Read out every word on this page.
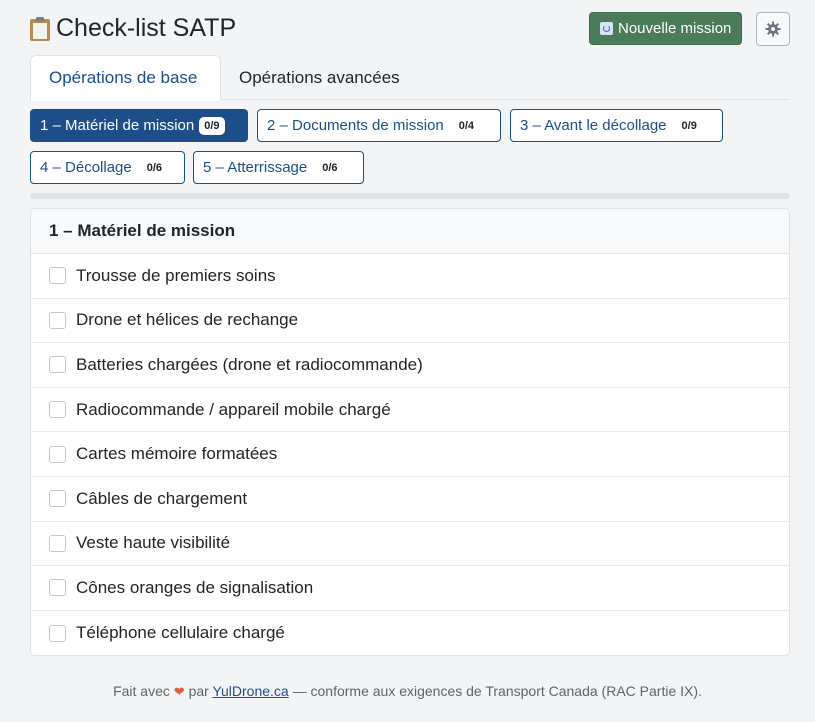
Check-list SATP	Nouvelle mission
Opérations de base Opérations avancées
1 – Matériel de mission 0/9	2 – Documents de mission	0/4	3 – Avant le décollage	0/9
4 – Décollage	0/6	5 – Atterrissage	0/6
1 – Matériel de mission
Trousse de premiers soins
Drone et hélices de rechange
Batteries chargées (drone et radiocommande)
Radiocommande / appareil mobile chargé
Cartes mémoire formatées
Câbles de chargement
Veste haute visibilité
Cônes oranges de signalisation
Téléphone cellulaire chargé
Fait avec ❤ par YulDrone.ca — conforme aux exigences de Transport Canada (RAC Partie IX).
